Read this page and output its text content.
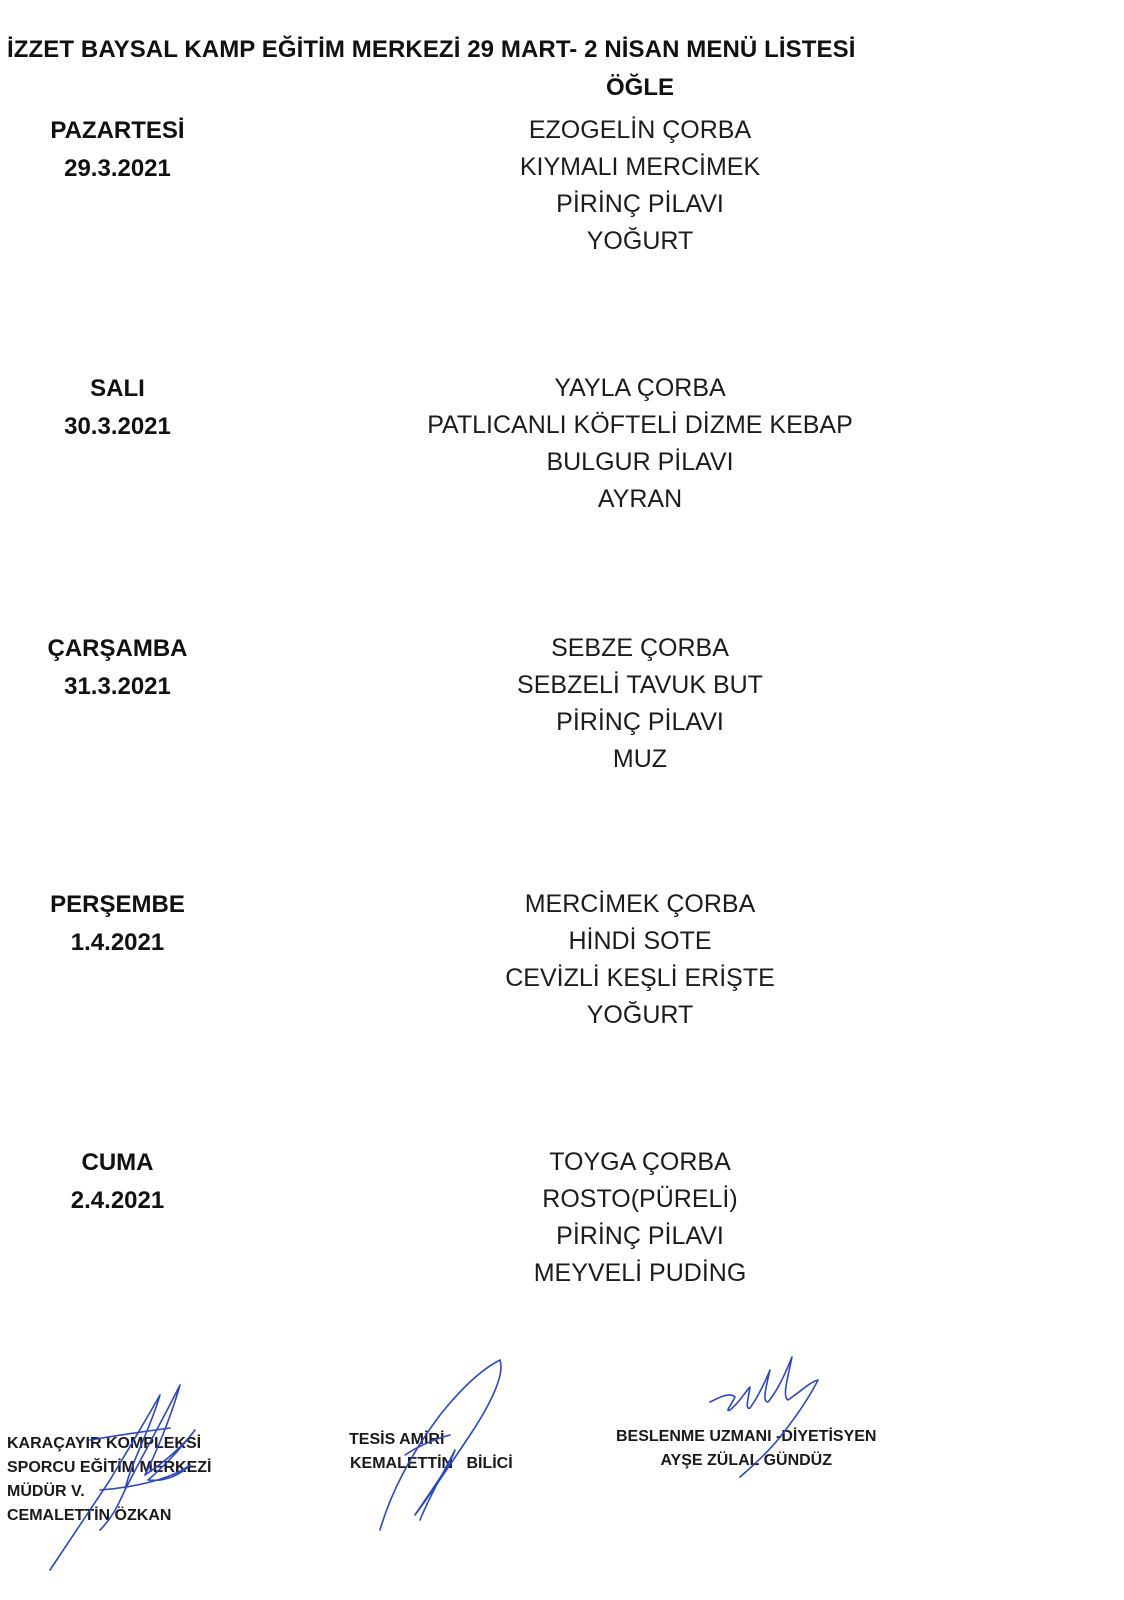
İZZET BAYSAL KAMP EĞİTİM MERKEZİ 29 MART- 2 NİSAN MENÜ LİSTESİ
ÖĞLE
PAZARTESİ
29.3.2021
EZOGELİN ÇORBA
KIYMALI MERCİMEK
PİRİNÇ PİLAVI
YOĞURT
SALI
30.3.2021
YAYLA ÇORBA
PATLICANLI KÖFTELİ DİZME KEBAP
BULGUR PİLAVI
AYRAN
ÇARŞAMBA
31.3.2021
SEBZE ÇORBA
SEBZELİ TAVUK BUT
PİRİNÇ PİLAVI
MUZ
PERŞEMBE
1.4.2021
MERCİMEK ÇORBA
HİNDİ SOTE
CEVİZLİ KEŞLİ ERİŞTE
YOĞURT
CUMA
2.4.2021
TOYGA ÇORBA
ROSTO(PÜRELİ)
PİRİNÇ PİLAVI
MEYVELİ PUDİNG
KARAÇAYIR KOMPLEKSİ
SPORCU EĞİTİM MERKEZİ
MÜDÜR V.
CEMALETTİN ÖZKAN
TESİS AMİRİ
KEMALETTİN   BİLİCİ
BESLENME UZMANI -DİYETİSYEN
AYŞE ZÜLAL GÜNDÜZ
